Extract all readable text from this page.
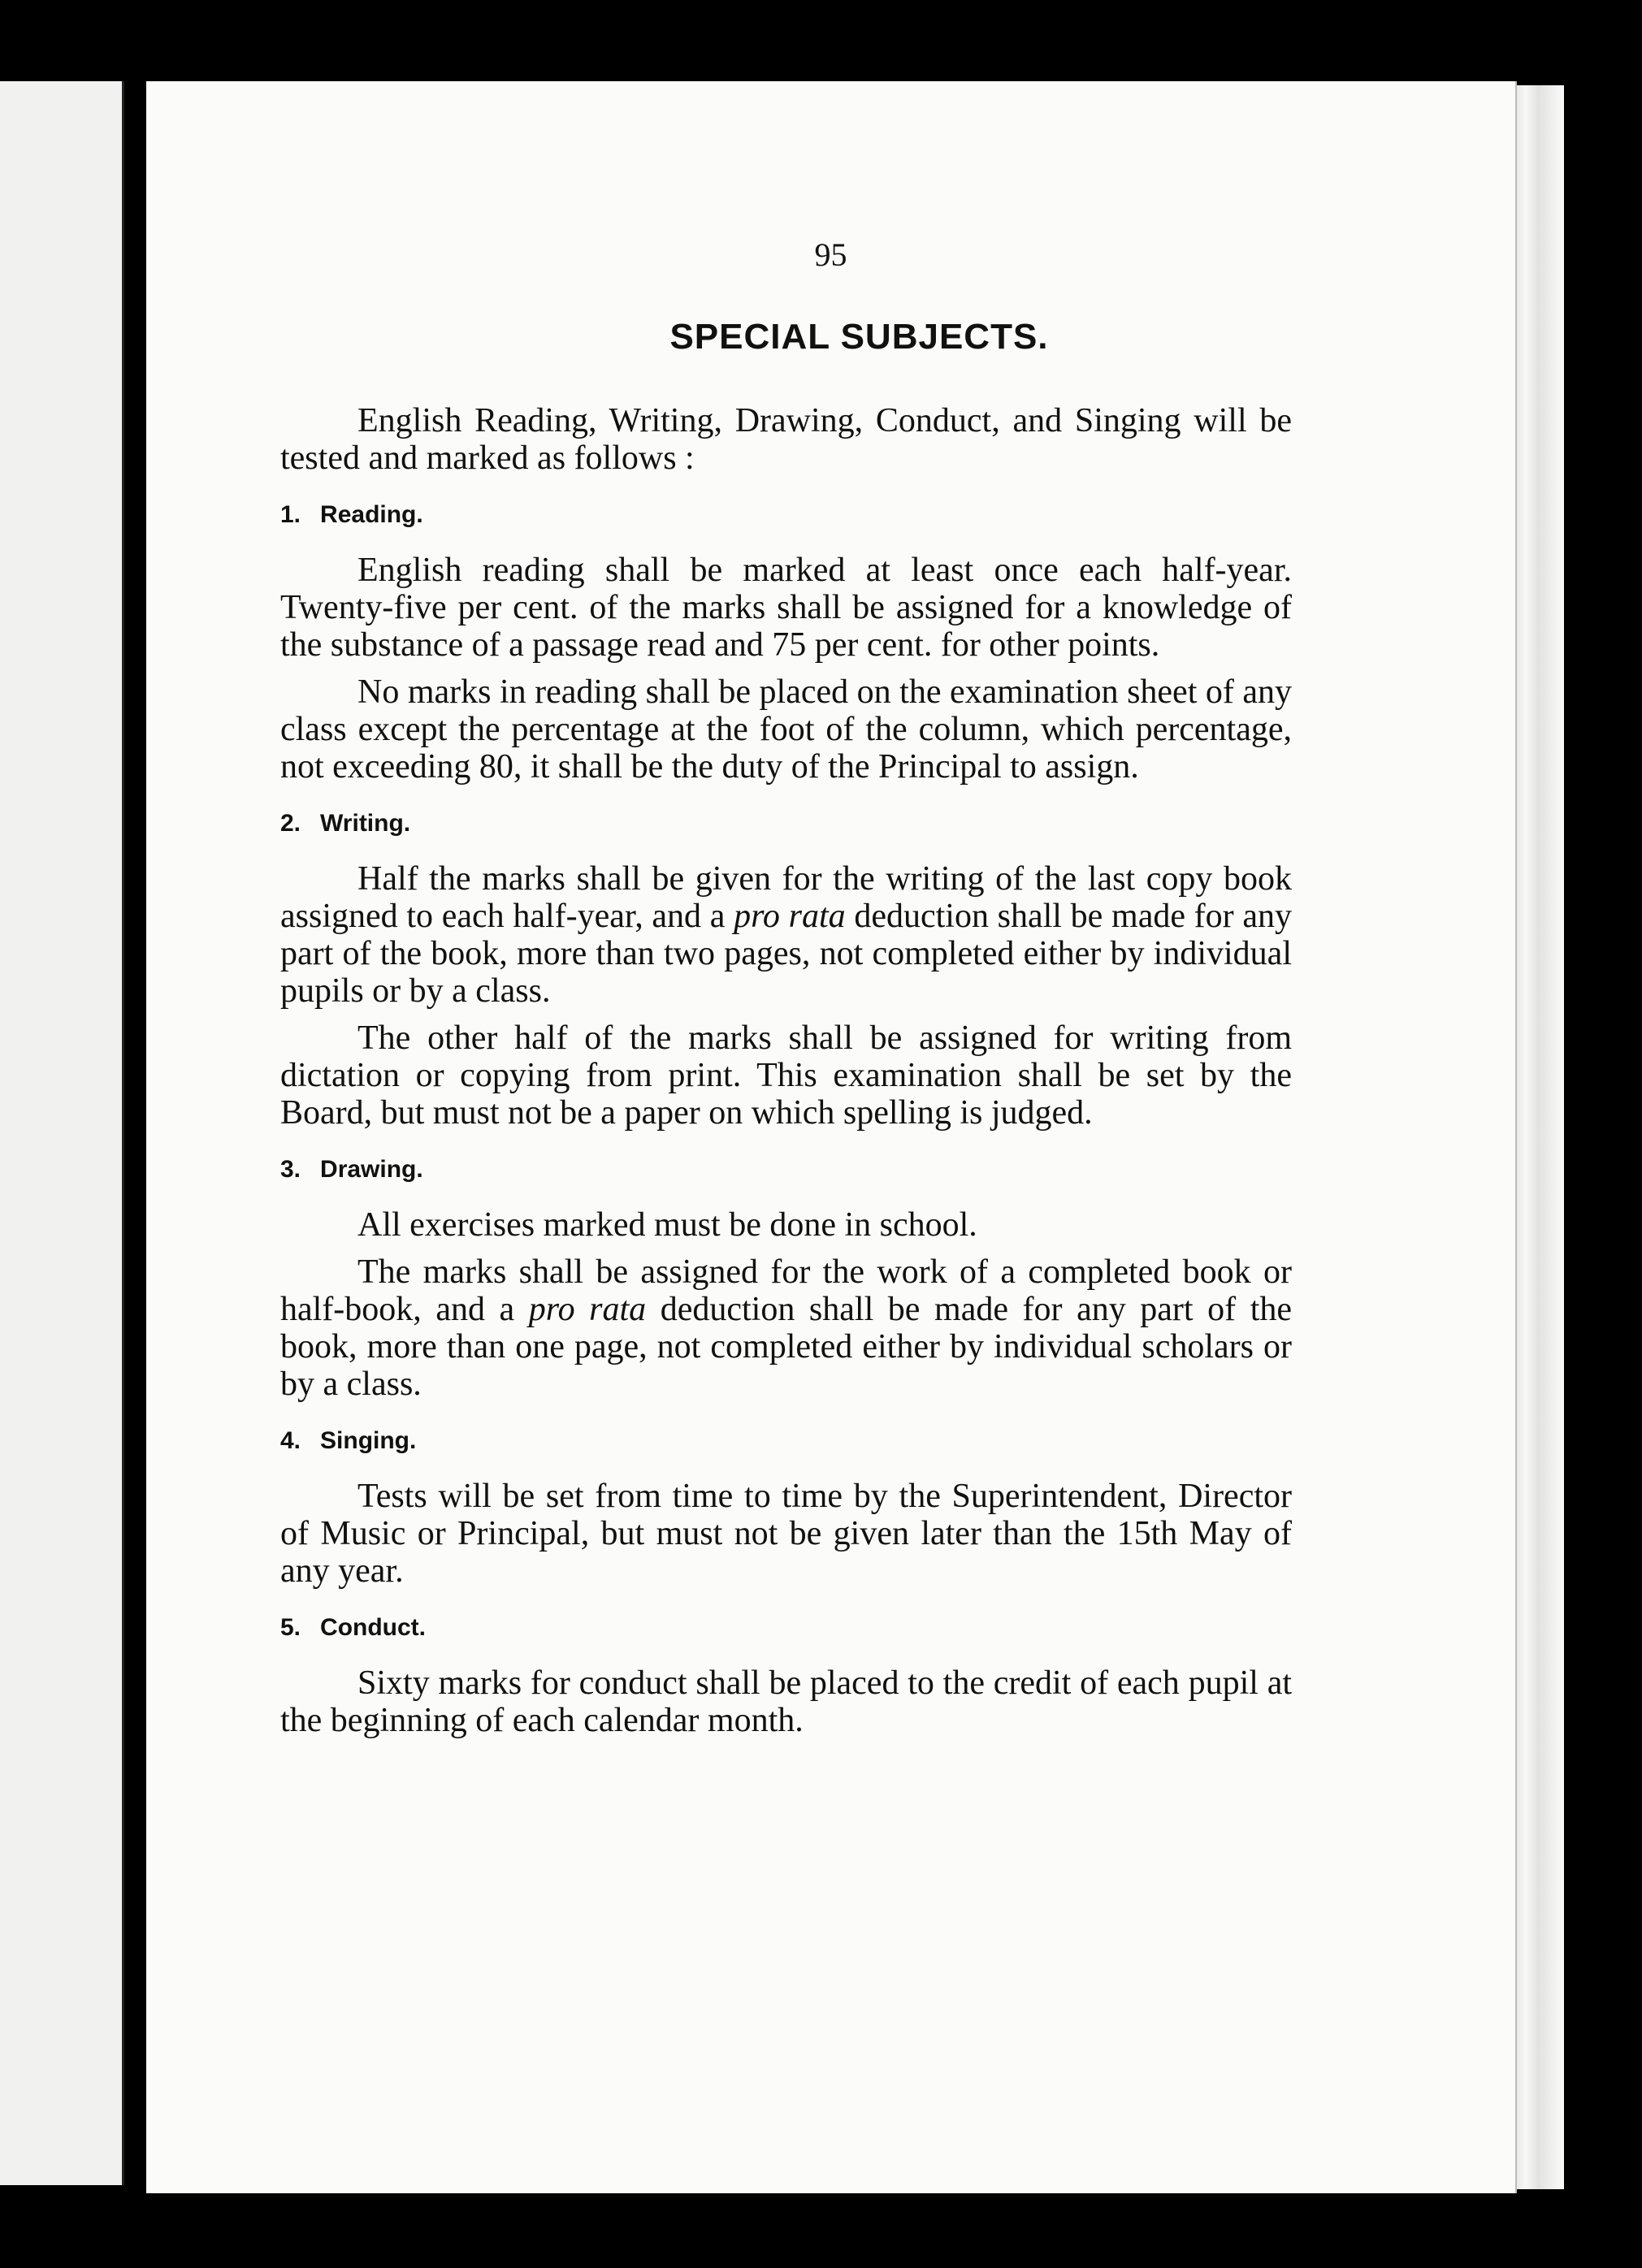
95
SPECIAL SUBJECTS.

English Reading, Writing, Drawing, Conduct, and Singing will be tested and marked as follows :

1. Reading.

English reading shall be marked at least once each half-year. Twenty-five per cent. of the marks shall be assigned for a knowledge of the substance of a passage read and 75 per cent. for other points.

No marks in reading shall be placed on the examination sheet of any class except the percentage at the foot of the column, which percentage, not exceeding 80, it shall be the duty of the Principal to assign.

2. Writing.

Half the marks shall be given for the writing of the last copy book assigned to each half-year, and a pro rata deduction shall be made for any part of the book, more than two pages, not completed either by individual pupils or by a class.

The other half of the marks shall be assigned for writing from dictation or copying from print. This examination shall be set by the Board, but must not be a paper on which spelling is judged.

3. Drawing.

All exercises marked must be done in school.

The marks shall be assigned for the work of a completed book or half-book, and a pro rata deduction shall be made for any part of the book, more than one page, not completed either by individual scholars or by a class.

4. Singing.

Tests will be set from time to time by the Superintendent, Director of Music or Principal, but must not be given later than the 15th May of any year.

5. Conduct.

Sixty marks for conduct shall be placed to the credit of each pupil at the beginning of each calendar month.
